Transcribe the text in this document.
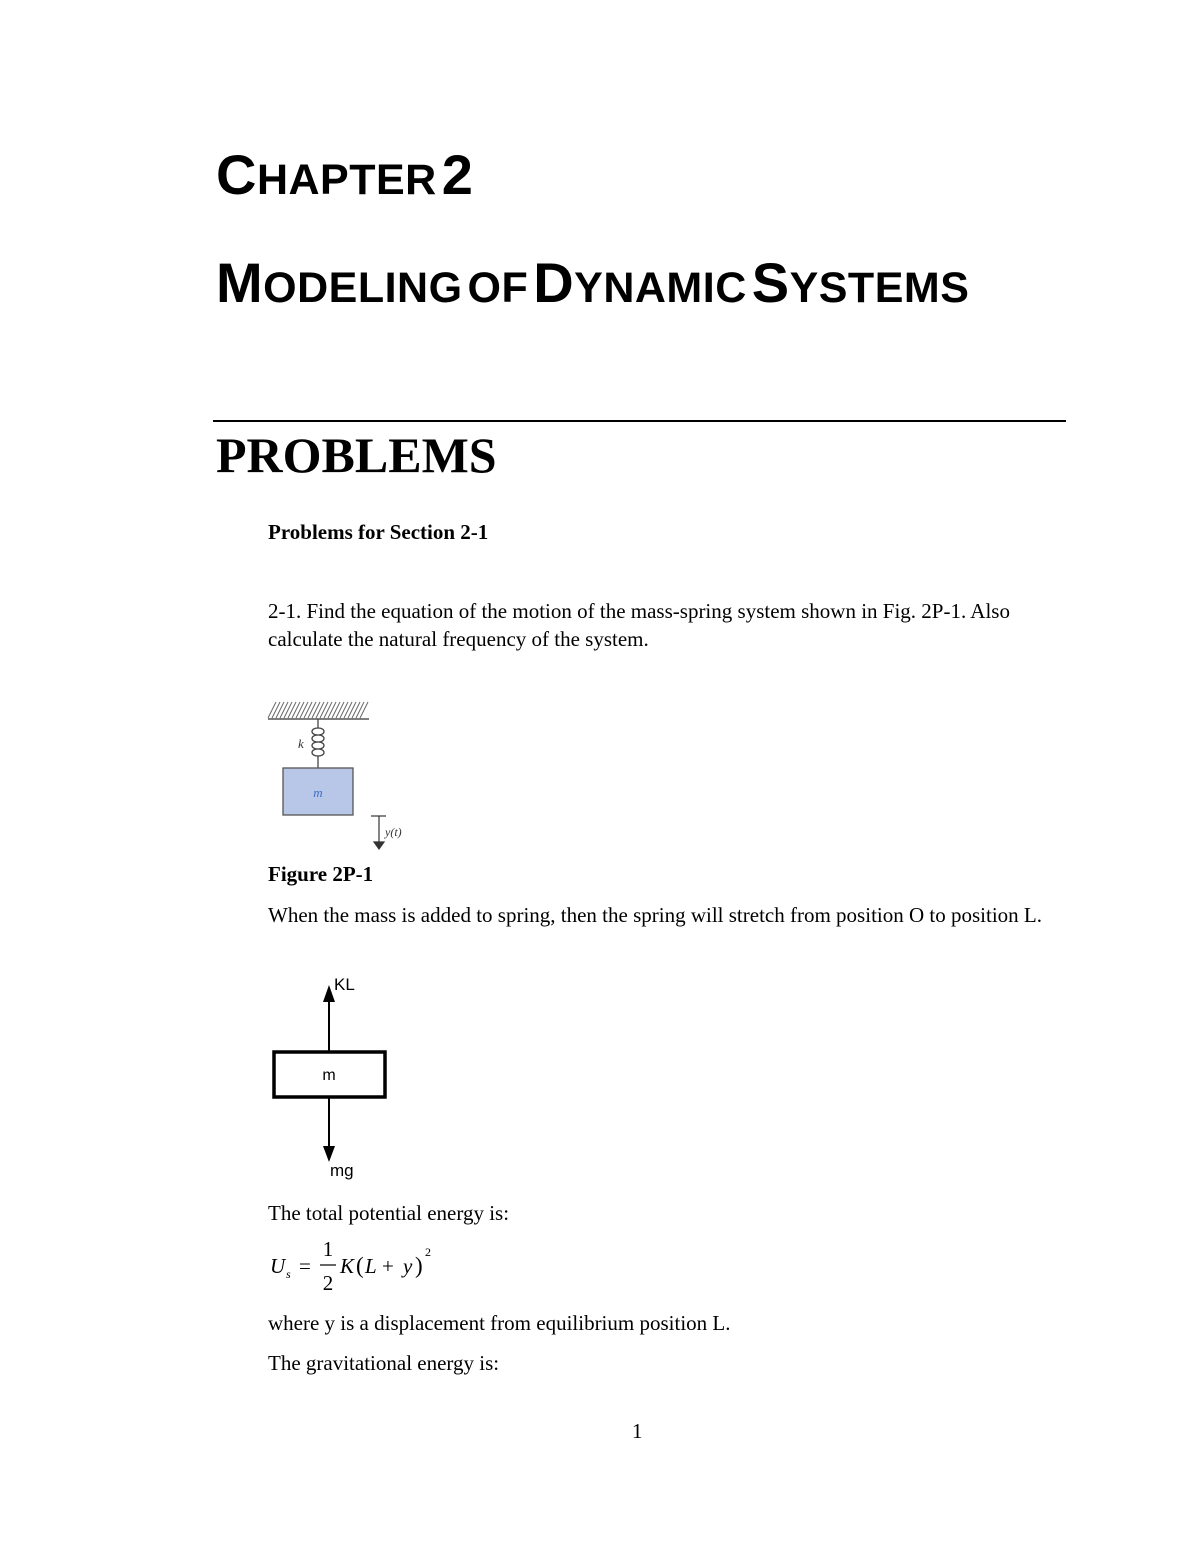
CHAPTER 2
MODELING OF DYNAMIC SYSTEMS
PROBLEMS
Problems for Section 2-1
2-1. Find the equation of the motion of the mass-spring system shown in Fig. 2P-1. Also calculate the natural frequency of the system.
k
m
y(t)
Figure 2P-1
When the mass is added to spring, then the spring will stretch from position O to position L.
KL
m
mg
The total potential energy is:
U s =
1
2
K ( L + y )
2
where y is a displacement from equilibrium position L.
The gravitational energy is:
1
